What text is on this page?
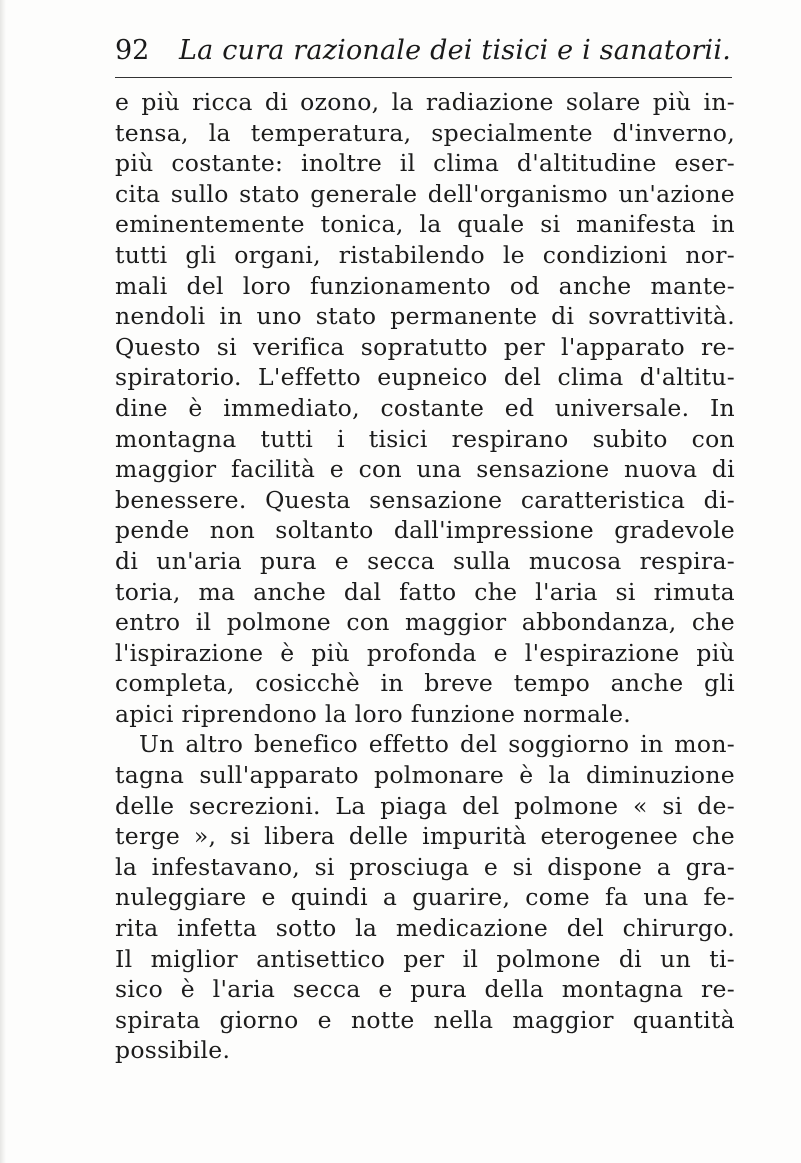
92 La cura razionale dei tisici e i sanatorii.
e più ricca di ozono, la radiazione solare più in-
tensa, la temperatura, specialmente d'inverno,
più costante: inoltre il clima d'altitudine eser-
cita sullo stato generale dell'organismo un'azione
eminentemente tonica, la quale si manifesta in
tutti gli organi, ristabilendo le condizioni nor-
mali del loro funzionamento od anche mante-
nendoli in uno stato permanente di sovrattività.
Questo si verifica sopratutto per l'apparato re-
spiratorio. L'effetto eupneico del clima d'altitu-
dine è immediato, costante ed universale. In
montagna tutti i tisici respirano subito con
maggior facilità e con una sensazione nuova di
benessere. Questa sensazione caratteristica di-
pende non soltanto dall'impressione gradevole
di un'aria pura e secca sulla mucosa respira-
toria, ma anche dal fatto che l'aria si rimuta
entro il polmone con maggior abbondanza, che
l'ispirazione è più profonda e l'espirazione più
completa, cosicchè in breve tempo anche gli
apici riprendono la loro funzione normale.
Un altro benefico effetto del soggiorno in mon-
tagna sull'apparato polmonare è la diminuzione
delle secrezioni. La piaga del polmone « si de-
terge », si libera delle impurità eterogenee che
la infestavano, si prosciuga e si dispone a gra-
nuleggiare e quindi a guarire, come fa una fe-
rita infetta sotto la medicazione del chirurgo.
Il miglior antisettico per il polmone di un ti-
sico è l'aria secca e pura della montagna re-
spirata giorno e notte nella maggior quantità
possibile.
